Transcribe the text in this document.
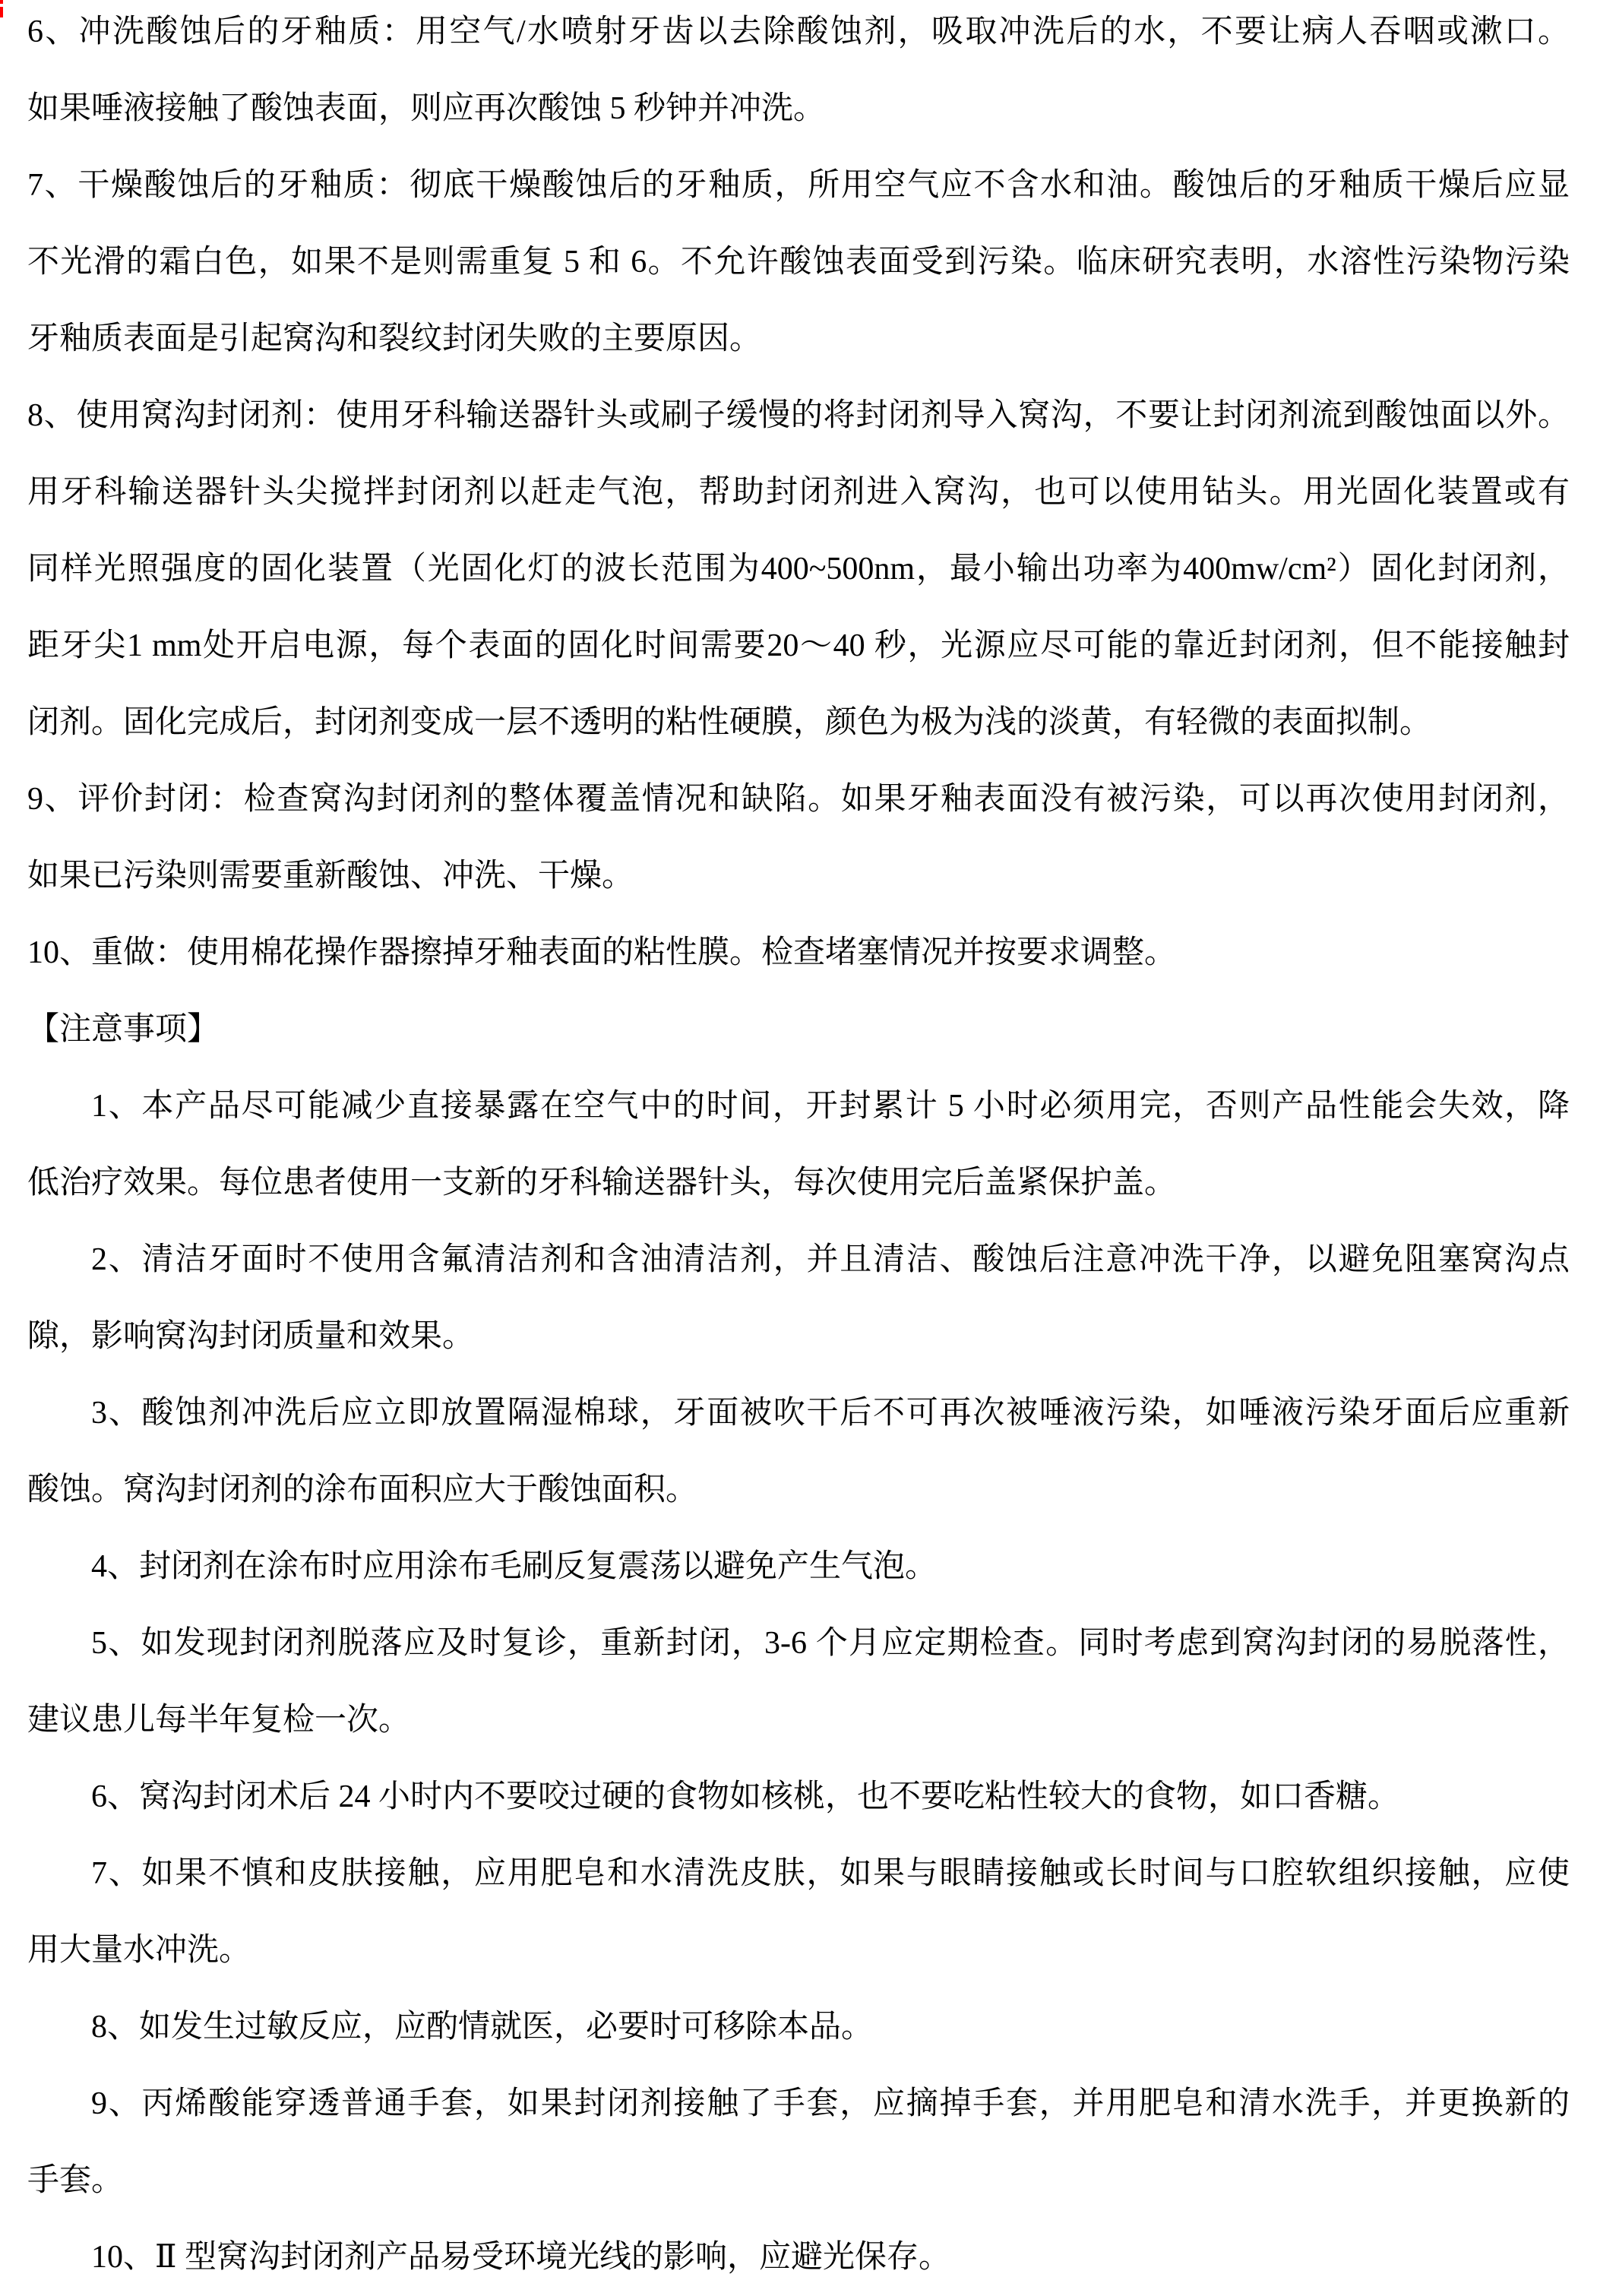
6、冲洗酸蚀后的牙釉质：用空气/水喷射牙齿以去除酸蚀剂，吸取冲洗后的水，不要让病人吞咽或漱口。
如果唾液接触了酸蚀表面，则应再次酸蚀 5 秒钟并冲洗。
7、干燥酸蚀后的牙釉质：彻底干燥酸蚀后的牙釉质，所用空气应不含水和油。酸蚀后的牙釉质干燥后应显
不光滑的霜白色，如果不是则需重复 5 和 6。不允许酸蚀表面受到污染。临床研究表明，水溶性污染物污染
牙釉质表面是引起窝沟和裂纹封闭失败的主要原因。
8、使用窝沟封闭剂：使用牙科输送器针头或刷子缓慢的将封闭剂导入窝沟，不要让封闭剂流到酸蚀面以外。
用牙科输送器针头尖搅拌封闭剂以赶走气泡，帮助封闭剂进入窝沟，也可以使用钻头。用光固化装置或有
同样光照强度的固化装置（光固化灯的波长范围为400~500nm，最小输出功率为400mw/cm²）固化封闭剂，
距牙尖1 mm处开启电源，每个表面的固化时间需要20～40 秒，光源应尽可能的靠近封闭剂，但不能接触封
闭剂。固化完成后，封闭剂变成一层不透明的粘性硬膜，颜色为极为浅的淡黄，有轻微的表面拟制。
9、评价封闭：检查窝沟封闭剂的整体覆盖情况和缺陷。如果牙釉表面没有被污染，可以再次使用封闭剂，
如果已污染则需要重新酸蚀、冲洗、干燥。
10、重做：使用棉花操作器擦掉牙釉表面的粘性膜。检查堵塞情况并按要求调整。
【注意事项】
1、本产品尽可能减少直接暴露在空气中的时间，开封累计 5 小时必须用完，否则产品性能会失效，降
低治疗效果。每位患者使用一支新的牙科输送器针头，每次使用完后盖紧保护盖。
2、清洁牙面时不使用含氟清洁剂和含油清洁剂，并且清洁、酸蚀后注意冲洗干净，以避免阻塞窝沟点
隙，影响窝沟封闭质量和效果。
3、酸蚀剂冲洗后应立即放置隔湿棉球，牙面被吹干后不可再次被唾液污染，如唾液污染牙面后应重新
酸蚀。窝沟封闭剂的涂布面积应大于酸蚀面积。
4、封闭剂在涂布时应用涂布毛刷反复震荡以避免产生气泡。
5、如发现封闭剂脱落应及时复诊，重新封闭，3-6 个月应定期检查。同时考虑到窝沟封闭的易脱落性，
建议患儿每半年复检一次。
6、窝沟封闭术后 24 小时内不要咬过硬的食物如核桃，也不要吃粘性较大的食物，如口香糖。
7、如果不慎和皮肤接触，应用肥皂和水清洗皮肤，如果与眼睛接触或长时间与口腔软组织接触，应使
用大量水冲洗。
8、如发生过敏反应，应酌情就医，必要时可移除本品。
9、丙烯酸能穿透普通手套，如果封闭剂接触了手套，应摘掉手套，并用肥皂和清水洗手，并更换新的
手套。
10、Ⅱ 型窝沟封闭剂产品易受环境光线的影响，应避光保存。
